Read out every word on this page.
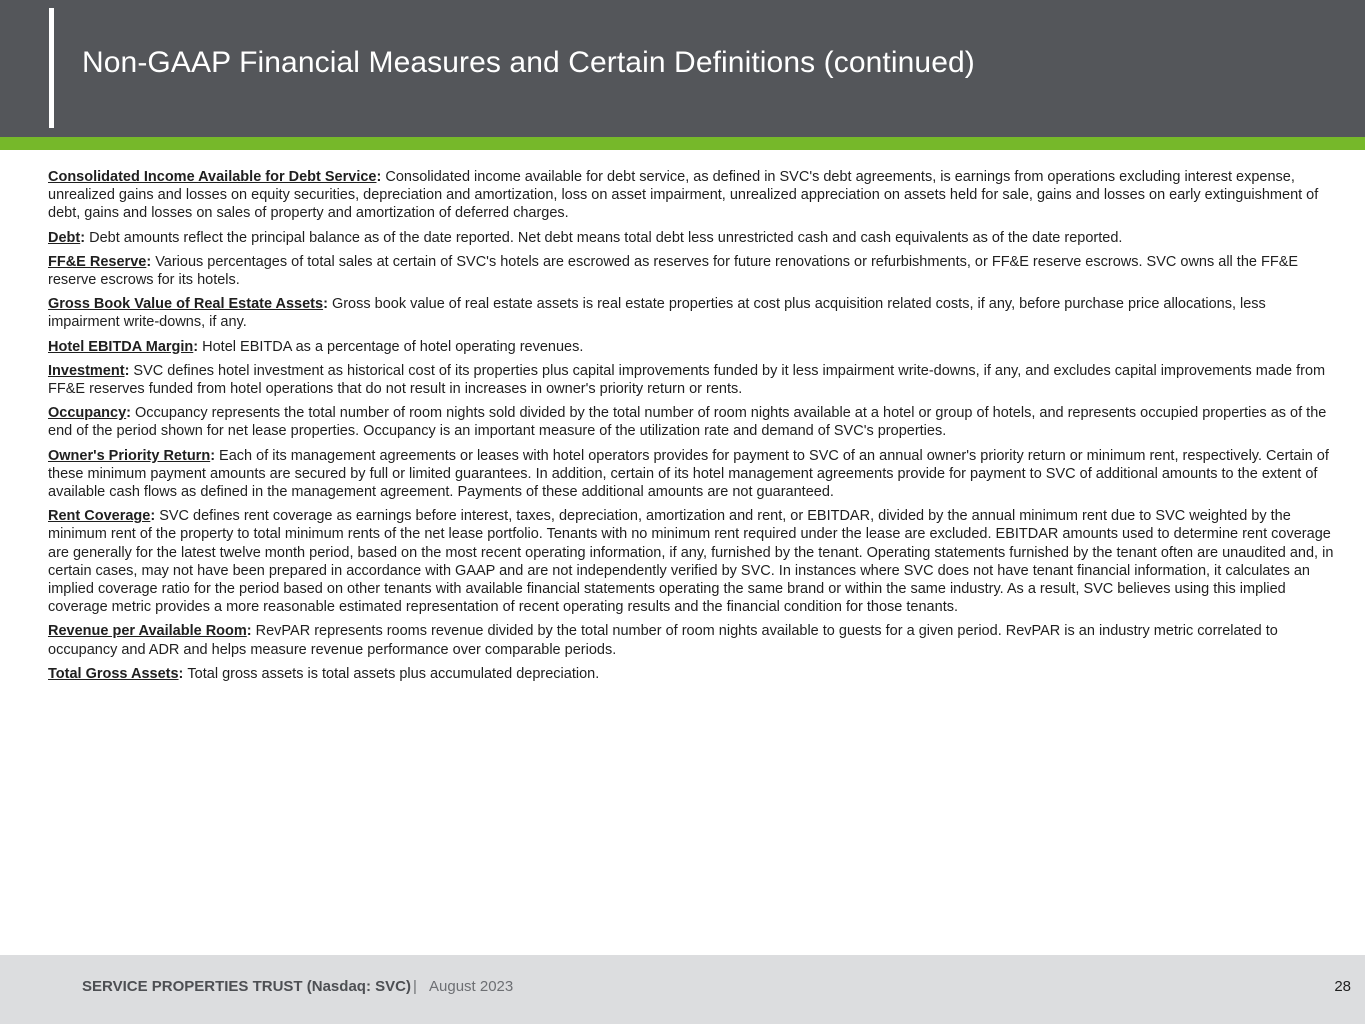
Non-GAAP Financial Measures and Certain Definitions (continued)

Consolidated Income Available for Debt Service: Consolidated income available for debt service, as defined in SVC's debt agreements, is earnings from operations excluding interest expense, unrealized gains and losses on equity securities, depreciation and amortization, loss on asset impairment, unrealized appreciation on assets held for sale, gains and losses on early extinguishment of debt, gains and losses on sales of property and amortization of deferred charges.

Debt: Debt amounts reflect the principal balance as of the date reported. Net debt means total debt less unrestricted cash and cash equivalents as of the date reported.

FF&E Reserve: Various percentages of total sales at certain of SVC's hotels are escrowed as reserves for future renovations or refurbishments, or FF&E reserve escrows. SVC owns all the FF&E reserve escrows for its hotels.

Gross Book Value of Real Estate Assets: Gross book value of real estate assets is real estate properties at cost plus acquisition related costs, if any, before purchase price allocations, less impairment write-downs, if any.

Hotel EBITDA Margin: Hotel EBITDA as a percentage of hotel operating revenues.

Investment: SVC defines hotel investment as historical cost of its properties plus capital improvements funded by it less impairment write-downs, if any, and excludes capital improvements made from FF&E reserves funded from hotel operations that do not result in increases in owner's priority return or rents.

Occupancy: Occupancy represents the total number of room nights sold divided by the total number of room nights available at a hotel or group of hotels, and represents occupied properties as of the end of the period shown for net lease properties. Occupancy is an important measure of the utilization rate and demand of SVC's properties.

Owner's Priority Return: Each of its management agreements or leases with hotel operators provides for payment to SVC of an annual owner's priority return or minimum rent, respectively. Certain of these minimum payment amounts are secured by full or limited guarantees. In addition, certain of its hotel management agreements provide for payment to SVC of additional amounts to the extent of available cash flows as defined in the management agreement. Payments of these additional amounts are not guaranteed.

Rent Coverage: SVC defines rent coverage as earnings before interest, taxes, depreciation, amortization and rent, or EBITDAR, divided by the annual minimum rent due to SVC weighted by the minimum rent of the property to total minimum rents of the net lease portfolio. Tenants with no minimum rent required under the lease are excluded. EBITDAR amounts used to determine rent coverage are generally for the latest twelve month period, based on the most recent operating information, if any, furnished by the tenant. Operating statements furnished by the tenant often are unaudited and, in certain cases, may not have been prepared in accordance with GAAP and are not independently verified by SVC. In instances where SVC does not have tenant financial information, it calculates an implied coverage ratio for the period based on other tenants with available financial statements operating the same brand or within the same industry. As a result, SVC believes using this implied coverage metric provides a more reasonable estimated representation of recent operating results and the financial condition for those tenants.

Revenue per Available Room: RevPAR represents rooms revenue divided by the total number of room nights available to guests for a given period. RevPAR is an industry metric correlated to occupancy and ADR and helps measure revenue performance over comparable periods.

Total Gross Assets: Total gross assets is total assets plus accumulated depreciation.

SERVICE PROPERTIES TRUST (Nasdaq: SVC) | August 2023	28
